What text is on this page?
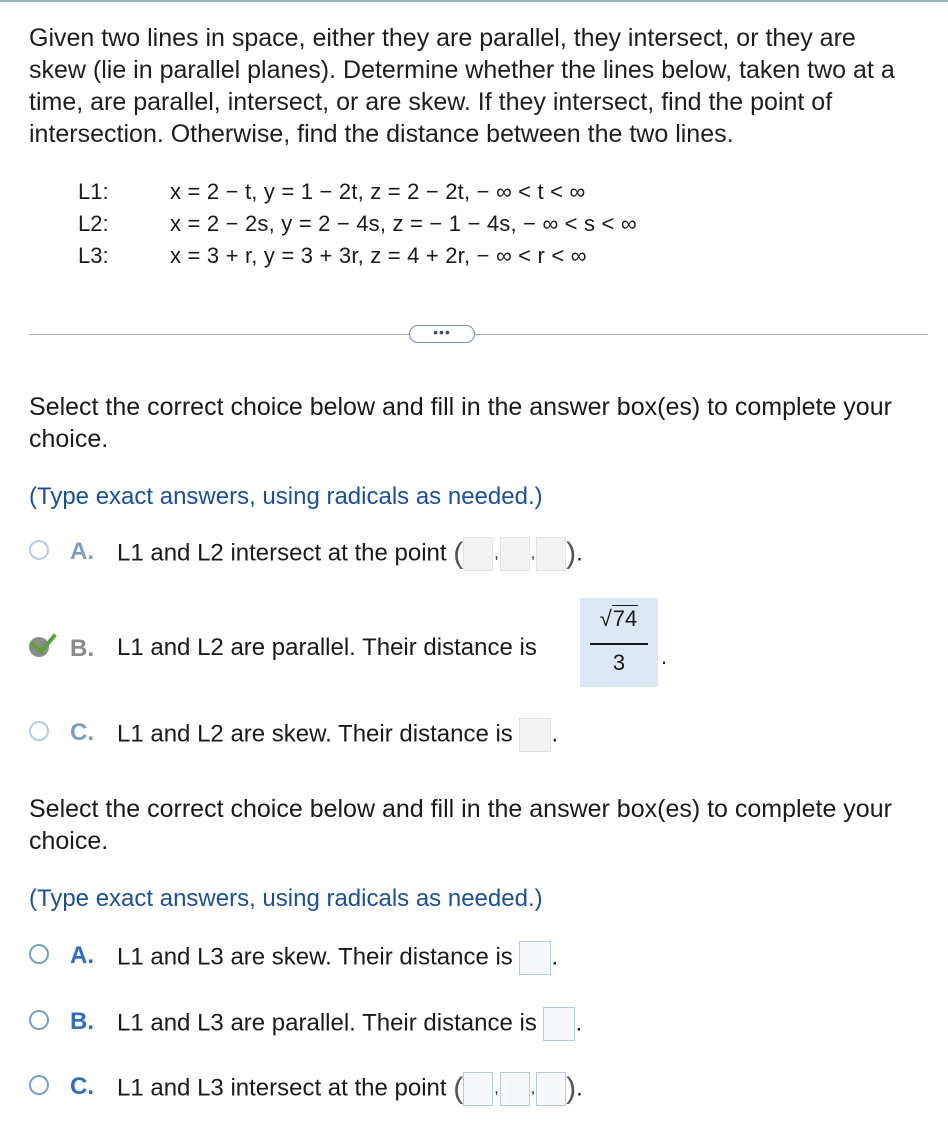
Given two lines in space, either they are parallel, they intersect, or they are skew (lie in parallel planes). Determine whether the lines below, taken two at a time, are parallel, intersect, or are skew. If they intersect, find the point of intersection. Otherwise, find the distance between the two lines.
L1:	x = 2 − t, y = 1 − 2t, z = 2 − 2t, − ∞ < t < ∞
L2:	x = 2 − 2s, y = 2 − 4s, z = − 1 − 4s, − ∞ < s < ∞
L3:	x = 3 + r, y = 3 + 3r, z = 4 + 2r, − ∞ < r < ∞
•••
Select the correct choice below and fill in the answer box(es) to complete your choice.
(Type exact answers, using radicals as needed.)
A. L1 and L2 intersect at the point ( , , ).
B. L1 and L2 are parallel. Their distance is
√74
3	.
C. L1 and L2 are skew. Their distance is .
Select the correct choice below and fill in the answer box(es) to complete your choice.
(Type exact answers, using radicals as needed.)
A. L1 and L3 are skew. Their distance is .
B. L1 and L3 are parallel. Their distance is .
C. L1 and L3 intersect at the point ( , , ).
